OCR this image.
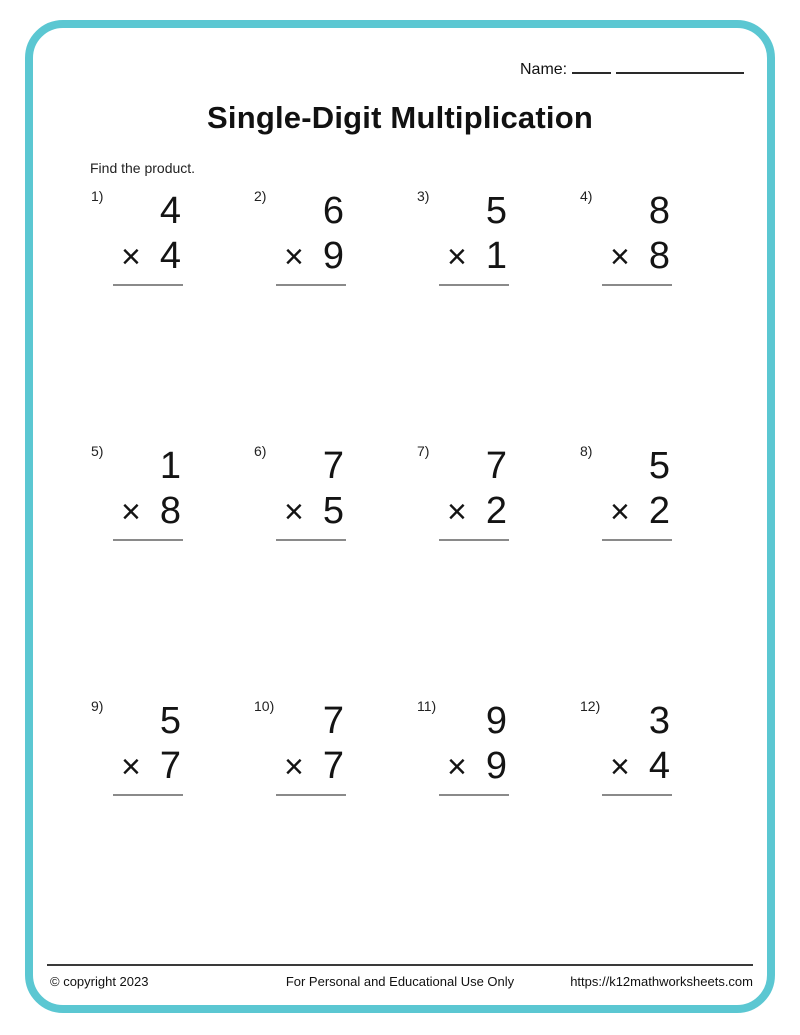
Name:
Single-Digit Multiplication
Find the product.
1)	4
× 4
2)	6
× 9
3)	5
× 1
4)	8
× 8
5)	1
× 8
6)	7
× 5
7)	7
× 2
8)	5
× 2
9)	5
× 7
10)	7
× 7
11)	9
× 9
12)	3
× 4
© copyright 2023	For Personal and Educational Use Only	https://k12mathworksheets.com
